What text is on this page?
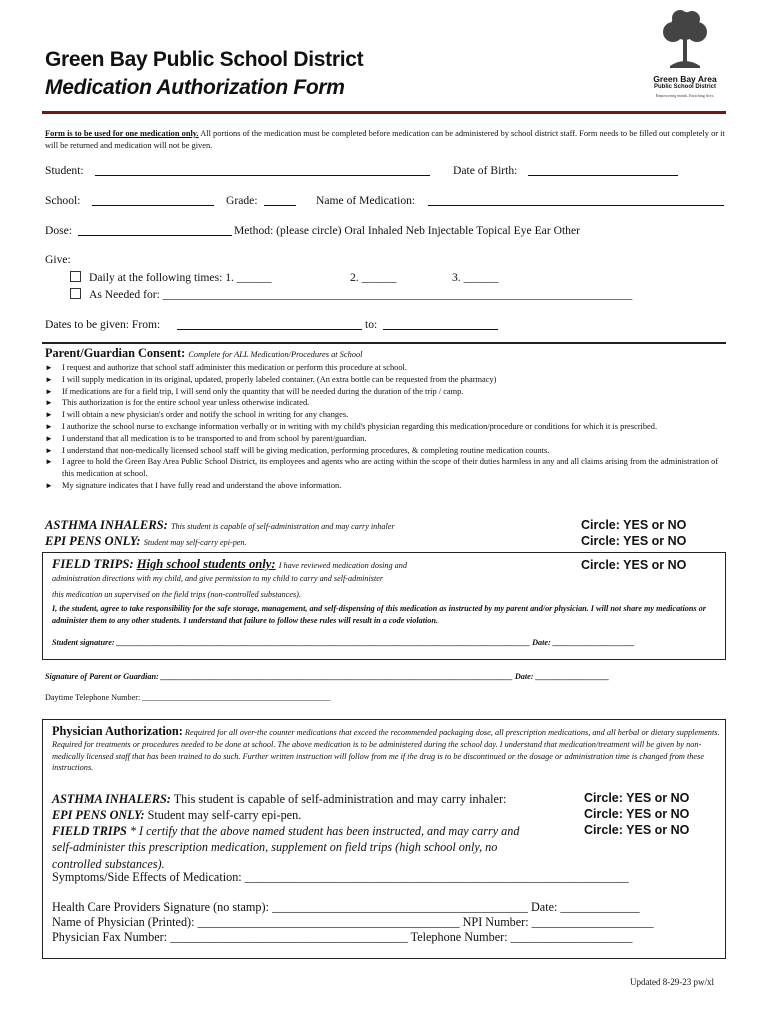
Green Bay Public School District
Medication Authorization Form	Green Bay Area
Public School District
Empowering minds. Enriching lives.
Form is to be used for one medication only. All portions of the medication must be completed before medication can be administered by school district staff. Form needs to be filled out completely or it will be returned and medication will not be given.
Student:	Date of Birth:
School:	Grade:	Name of Medication:
Dose:	Method: (please circle) Oral Inhaled Neb Injectable Topical Eye Ear Other
Give:
Daily at the following times: 1. ______	2. ______	3. ______
As Needed for: _________________________________________________________________________________
Dates to be given: From:	to:
Parent/Guardian Consent: Complete for ALL Medication/Procedures at School
► I request and authorize that school staff administer this medication or perform this procedure at school.
► I will supply medication in its original, updated, properly labeled container. (An extra bottle can be requested from the pharmacy)
► If medications are for a field trip, I will send only the quantity that will be needed during the duration of the trip / camp.
► This authorization is for the entire school year unless otherwise indicated.
► I will obtain a new physician's order and notify the school in writing for any changes.
► I authorize the school nurse to exchange information verbally or in writing with my child's physician regarding this medication/procedure or conditions for which it is prescribed.
► I understand that all medication is to be transported to and from school by parent/guardian.
► I understand that non-medically licensed school staff will be giving medication, performing procedures, & completing routine medication counts.
► I agree to hold the Green Bay Area Public School District, its employees and agents who are acting within the scope of their duties harmless in any and all claims arising from the administration of this medication at school.
► My signature indicates that I have fully read and understand the above information.
ASTHMA INHALERS: This student is capable of self-administration and may carry inhaler	Circle: YES or NO
EPI PENS ONLY: Student may self-carry epi-pen.	Circle: YES or NO
FIELD TRIPS: High school students only: I have reviewed medication dosing and	Circle: YES or NO
administration directions with my child, and give permission to my child to carry and self-administer
this medication un supervised on the field trips (non-controlled substances).
I, the student, agree to take responsibility for the safe storage, management, and self-dispensing of this medication as instructed by my parent and/or physician. I will not share my medications or administer them to any other students. I understand that failure to follow these rules will result in a code violation.
Student signature: _____________________________________________________________________________________________________ Date: ____________________
Signature of Parent or Guardian: ______________________________________________________________________________________ Date: __________________
Daytime Telephone Number: ______________________________________________
Physician Authorization: Required for all over-the counter medications that exceed the recommended packaging dose, all prescription medications, and all herbal or dietary supplements. Required for treatments or procedures needed to be done at school. The above medication is to be administered during the school day. I understand that medication/treatment will be given by non-medically licensed staff that has been trained to do such. Further written instruction will follow from me if the drug is to be discontinued or the dosage or administration time is changed from these instructions.
ASTHMA INHALERS: This student is capable of self-administration and may carry inhaler:	Circle: YES or NO
EPI PENS ONLY: Student may self-carry epi-pen.	Circle: YES or NO
FIELD TRIPS * I certify that the above named student has been instructed, and may carry and self-administer this prescription medication, supplement on field trips (high school only, no controlled substances).
Circle: YES or NO
Symptoms/Side Effects of Medication: _______________________________________________________________
Health Care Providers Signature (no stamp): __________________________________________ Date: _____________
Name of Physician (Printed): ___________________________________________ NPI Number: ____________________
Physician Fax Number: _______________________________________ Telephone Number: ____________________
Updated 8-29-23 pw/xl
